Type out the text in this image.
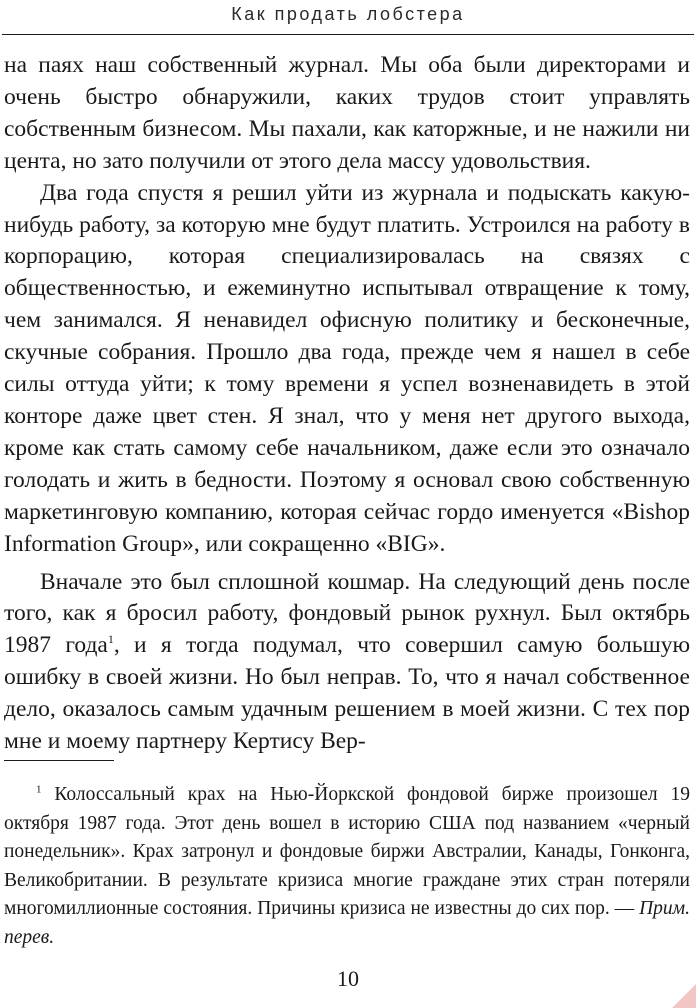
Как продать лобстера

на паях наш собственный журнал. Мы оба были директорами и очень быстро обнаружили, каких трудов стоит управлять собственным бизнесом. Мы пахали, как каторжные, и не нажили ни цента, но зато получили от этого дела массу удовольствия.

Два года спустя я решил уйти из журнала и подыскать какую-нибудь работу, за которую мне будут платить. Устроился на работу в корпорацию, которая специализировалась на связях с общественностью, и ежеминутно испытывал отвращение к тому, чем занимался. Я ненавидел офисную политику и бесконечные, скучные собрания. Прошло два года, прежде чем я нашел в себе силы оттуда уйти; к тому времени я успел возненавидеть в этой конторе даже цвет стен. Я знал, что у меня нет другого выхода, кроме как стать самому себе начальником, даже если это означало голодать и жить в бедности. Поэтому я основал свою собственную маркетинговую компанию, которая сейчас гордо именуется «Bishop Information Group», или сокращенно «BIG».

Вначале это был сплошной кошмар. На следующий день после того, как я бросил работу, фондовый рынок рухнул. Был октябрь 1987 года$^1$, и я тогда подумал, что совершил самую большую ошибку в своей жизни. Но был неправ. То, что я начал собственное дело, оказалось самым удачным решением в моей жизни. С тех пор мне и моему партнеру Кертису Вер-

$^1$ Колоссальный крах на Нью-Йоркской фондовой бирже произошел 19 октября 1987 года. Этот день вошел в историю США под названием «черный понедельник». Крах затронул и фондовые биржи Австралии, Канады, Гонконга, Великобритании. В результате кризиса многие граждане этих стран потеряли многомиллионные состояния. Причины кризиса не известны до сих пор. — Прим. перев.

10
